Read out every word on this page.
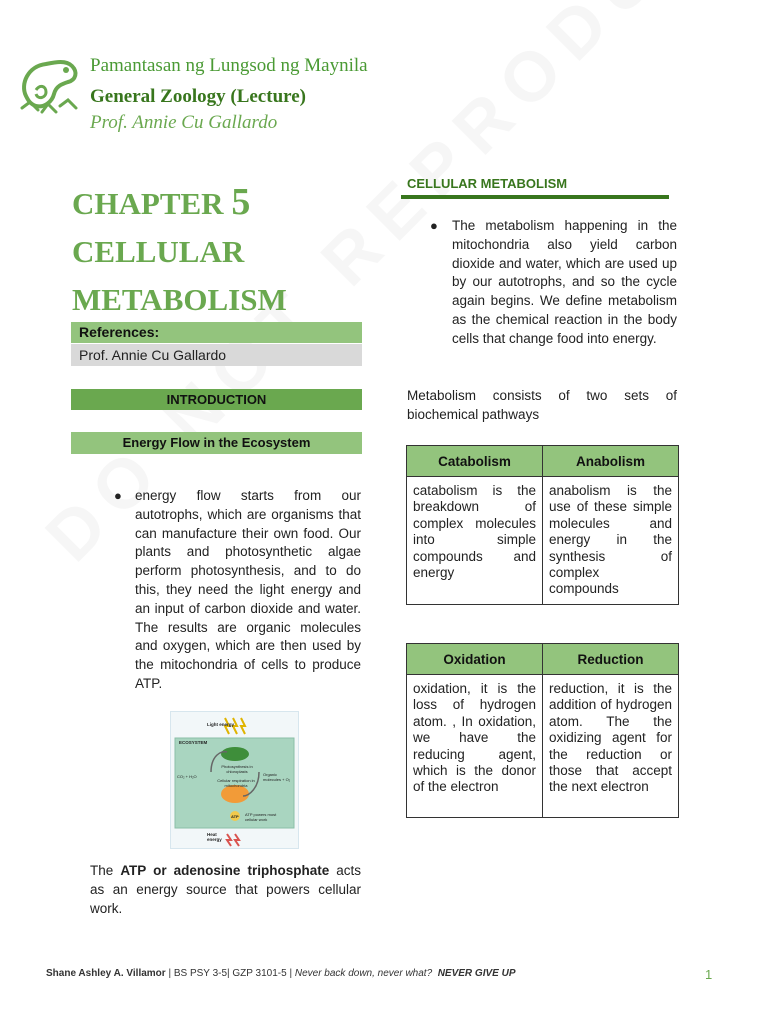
Pamantasan ng Lungsod ng Maynila
General Zoology (Lecture)
Prof. Annie Cu Gallardo
CHAPTER 5
CELLULAR
METABOLISM
References:
Prof. Annie Cu Gallardo
INTRODUCTION
Energy Flow in the Ecosystem
● energy flow starts from our autotrophs, which are organisms that can manufacture their own food. Our plants and photosynthetic algae perform photosynthesis, and to do this, they need the light energy and an input of carbon dioxide and water. The results are organic molecules and oxygen, which are then used by the mitochondria of cells to produce ATP.
Light energy
ECOSYSTEM
Photosynthesis in chloroplasts
CO₂ + H₂O	Organic molecules + O₂
Cellular respiration in mitochondria
ATP ATP powers most cellular work
Heat energy
The ATP or adenosine triphosphate acts as an energy source that powers cellular work.
CELLULAR METABOLISM
● The metabolism happening in the mitochondria also yield carbon dioxide and water, which are used up by our autotrophs, and so the cycle again begins. We define metabolism as the chemical reaction in the body cells that change food into energy.
Metabolism consists of two sets of biochemical pathways
Catabolism	Anabolism
catabolism is the breakdown of complex molecules into simple compounds and energy	anabolism is the use of these simple molecules and energy in the synthesis of complex compounds
Oxidation	Reduction
oxidation, it is the loss of hydrogen atom. , In oxidation, we have the reducing agent, which is the donor of the electron	reduction, it is the addition of hydrogen atom. The the oxidizing agent for the reduction or those that accept the next electron
Shane Ashley A. Villamor | BS PSY 3-5| GZP 3101-5 | Never back down, never what? NEVER GIVE UP	1
